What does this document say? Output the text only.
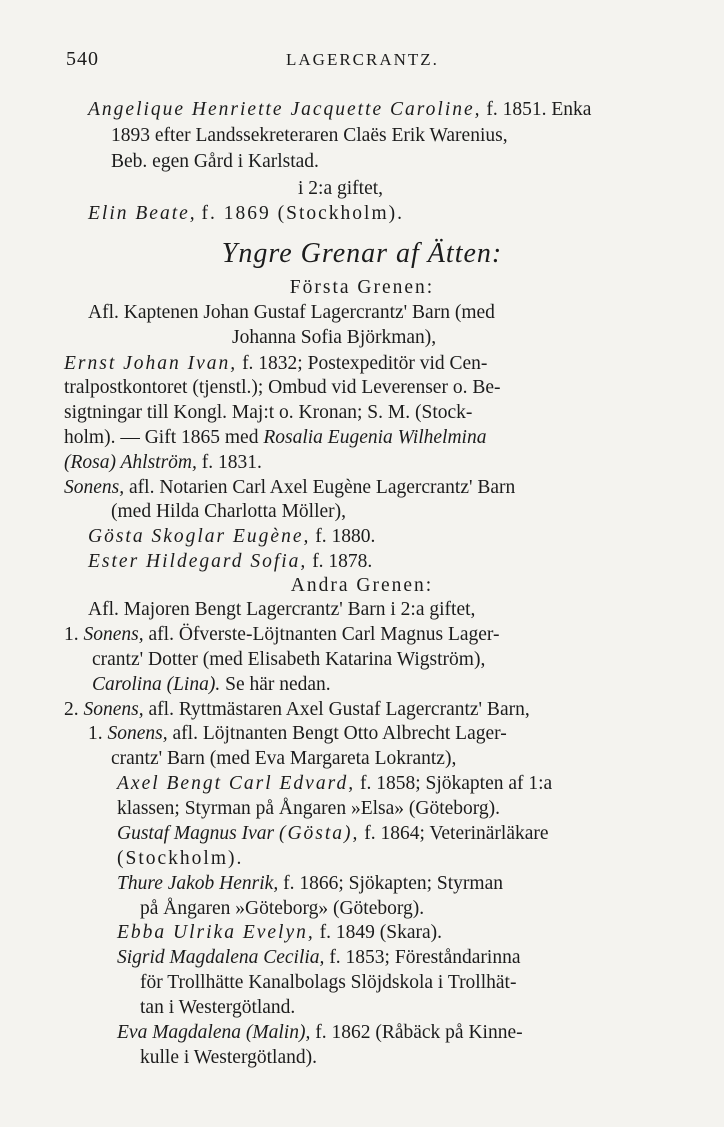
540	LAGERCRANTZ.
Angelique Henriette Jacquette Caroline, f. 1851. Enka
1893 efter Landssekreteraren Claës Erik Warenius,
Beb. egen Gård i Karlstad.
i 2:a giftet,
Elin Beate, f. 1869 (Stockholm).
Yngre Grenar af Ätten:
Första Grenen:
Afl. Kaptenen Johan Gustaf Lagercrantz' Barn (med
Johanna Sofia Björkman),
Ernst Johan Ivan, f. 1832; Postexpeditör vid Cen-
tralpostkontoret (tjenstl.); Ombud vid Leverenser o. Be-
sigtningar till Kongl. Maj:t o. Kronan; S. M. (Stock-
holm). — Gift 1865 med Rosalia Eugenia Wilhelmina
(Rosa) Ahlström, f. 1831.
Sonens, afl. Notarien Carl Axel Eugène Lagercrantz' Barn
(med Hilda Charlotta Möller),
Gösta Skoglar Eugène, f. 1880.
Ester Hildegard Sofia, f. 1878.
Andra Grenen:
Afl. Majoren Bengt Lagercrantz' Barn i 2:a giftet,
1. Sonens, afl. Öfverste-Löjtnanten Carl Magnus Lager-
crantz' Dotter (med Elisabeth Katarina Wigström),
Carolina (Lina). Se här nedan.
2. Sonens, afl. Ryttmästaren Axel Gustaf Lagercrantz' Barn,
1. Sonens, afl. Löjtnanten Bengt Otto Albrecht Lager-
crantz' Barn (med Eva Margareta Lokrantz),
Axel Bengt Carl Edvard, f. 1858; Sjökapten af 1:a
klassen; Styrman på Ångaren »Elsa» (Göteborg).
Gustaf Magnus Ivar (Gösta), f. 1864; Veterinärläkare
(Stockholm).
Thure Jakob Henrik, f. 1866; Sjökapten; Styrman
på Ångaren »Göteborg» (Göteborg).
Ebba Ulrika Evelyn, f. 1849 (Skara).
Sigrid Magdalena Cecilia, f. 1853; Föreståndarinna
för Trollhätte Kanalbolags Slöjdskola i Trollhät-
tan i Westergötland.
Eva Magdalena (Malin), f. 1862 (Råbäck på Kinne-
kulle i Westergötland).
